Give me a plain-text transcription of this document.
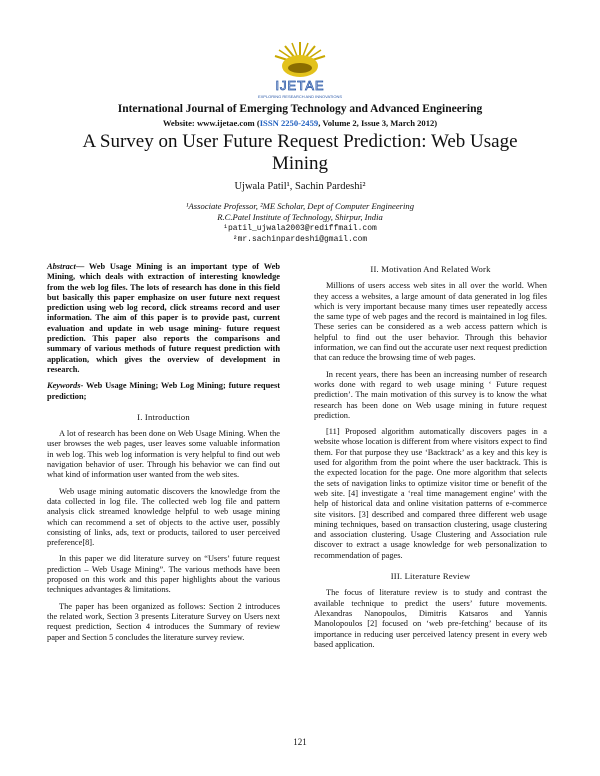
IJETAE
EXPLORING RESEARCH AND INNOVATIONS
International Journal of Emerging Technology and Advanced Engineering
Website: www.ijetae.com (ISSN 2250-2459, Volume 2, Issue 3, March 2012)
A Survey on User Future Request Prediction: Web Usage Mining
Ujwala Patil¹, Sachin Pardeshi²
¹Associate Professor, ²ME Scholar, Dept of Computer Engineering
R.C.Patel Institute of Technology, Shirpur, India
¹patil_ujwala2003@rediffmail.com
²mr.sachinpardeshi@gmail.com

Abstract— Web Usage Mining is an important type of Web Mining, which deals with extraction of interesting knowledge from the web log files. The lots of research has done in this field but basically this paper emphasize on user future next request prediction using web log record, click streams record and user information. The aim of this paper is to provide past, current evaluation and update in web usage mining- future request prediction. This paper also reports the comparisons and summary of various methods of future request prediction with application, which gives the overview of development in research.

Keywords- Web Usage Mining; Web Log Mining; future request prediction;

I. Introduction

A lot of research has been done on Web Usage Mining. When the user browses the web pages, user leaves some valuable information in web log. This web log information is very helpful to find out web navigation behavior of user. Through his behavior we can find out what kind of information user wanted from the web sites.

Web usage mining automatic discovers the knowledge from the data collected in log file. The collected web log file and pattern analysis click streamed knowledge helpful to web usage mining which can recommend a set of objects to the active user, possibly consisting of links, ads, text or products, tailored to user perceived preference[8].

In this paper we did literature survey on “Users’ future request prediction – Web Usage Mining”. The various methods have been proposed on this work and this paper highlights about the various techniques advantages & limitations.

The paper has been organized as follows: Section 2 introduces the related work, Section 3 presents Literature Survey on Users next request prediction, Section 4 introduces the Summary of review paper and Section 5 concludes the literature survey review.

II. Motivation And Related Work

Millions of users access web sites in all over the world. When they access a websites, a large amount of data generated in log files which is very important because many times user repeatedly access the same type of web pages and the record is maintained in log files. These series can be considered as a web access pattern which is helpful to find out the user behavior. Through this behavior information, we can find out the accurate user next request prediction that can reduce the browsing time of web pages.

In recent years, there has been an increasing number of research works done with regard to web usage mining ‘ Future request prediction’. The main motivation of this survey is to know the what research has been done on Web usage mining in future request prediction.

[11] Proposed algorithm automatically discovers pages in a website whose location is different from where visitors expect to find them. For that purpose they use ‘Backtrack’ as a key and this key is used for algorithm from the point where the user backtrack. This is the expected location for the page. One more algorithm that selects the sets of navigation links to optimize visitor time or benefit of the web site. [4] investigate a ‘real time management engine’ with the help of historical data and online visitation patterns of e-commerce site visitors. [3] described and compared three different web usage mining techniques, based on transaction clustering, usage clustering and association clustering. Usage Clustering and Association rule discover to extract a usage knowledge for web personalization to recommendation of pages.

III. Literature Review

The focus of literature review is to study and contrast the available technique to predict the users’ future movements. Alexandras Nanopoulos, Dimitris Katsaros and Yannis Manolopoulos [2] focused on ‘web pre-fetching’ because of its importance in reducing user perceived latency present in every web based application.

121
